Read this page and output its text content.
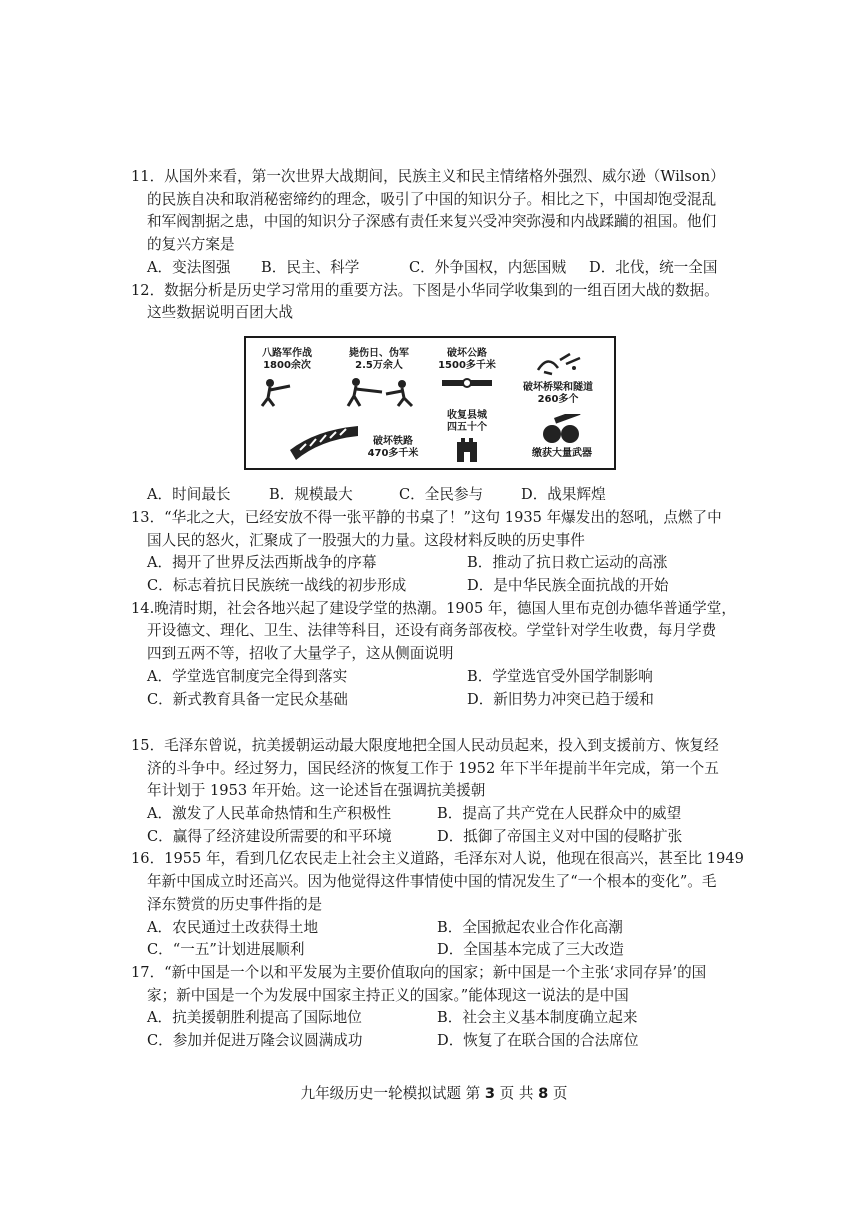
11．从国外来看，第一次世界大战期间，民族主义和民主情绪格外强烈、威尔逊（Wilson）

的民族自决和取消秘密缔约的理念，吸引了中国的知识分子。相比之下，中国却饱受混乱

和军阀割据之患，中国的知识分子深感有责任来复兴受冲突弥漫和内战蹂躏的祖国。他们

的复兴方案是

A．变法图强 B．民主、科学	C．外争国权，内惩国贼 D．北伐，统一全国

12．数据分析是历史学习常用的重要方法。下图是小华同学收集到的一组百团大战的数据。

这些数据说明百团大战

八路军作战
1800余次
毙伤日、伪军
2.5万余人
破坏公路
1500多千米
破坏桥梁和隧道
260多个
破坏铁路
470多千米
收复县城
四五十个
缴获大量武器
A．时间最长	B．规模最大	C．全民参与	D．战果辉煌

13．“华北之大，已经安放不得一张平静的书桌了！”这句 1935 年爆发出的怒吼，点燃了中

国人民的怒火，汇聚成了一股强大的力量。这段材料反映的历史事件

A．揭开了世界反法西斯战争的序幕	B．推动了抗日救亡运动的高涨
C．标志着抗日民族统一战线的初步形成	D．是中华民族全面抗战的开始

14.晚清时期，社会各地兴起了建设学堂的热潮。1905 年，德国人里布克创办德华普通学堂，

开设德文、理化、卫生、法律等科目，还设有商务部夜校。学堂针对学生收费，每月学费

四到五两不等，招收了大量学子，这从侧面说明

A．学堂选官制度完全得到落实	B．学堂选官受外国学制影响
C．新式教育具备一定民众基础	D．新旧势力冲突已趋于缓和

15．毛泽东曾说，抗美援朝运动最大限度地把全国人民动员起来，投入到支援前方、恢复经

济的斗争中。经过努力，国民经济的恢复工作于 1952 年下半年提前半年完成，第一个五

年计划于 1953 年开始。这一论述旨在强调抗美援朝

A．激发了人民革命热情和生产积极性	B．提高了共产党在人民群众中的威望
C．赢得了经济建设所需要的和平环境	D．抵御了帝国主义对中国的侵略扩张

16．1955 年，看到几亿农民走上社会主义道路，毛泽东对人说，他现在很高兴，甚至比 1949

年新中国成立时还高兴。因为他觉得这件事情使中国的情况发生了“一个根本的变化”。毛

泽东赞赏的历史事件指的是

A．农民通过土改获得土地	B．全国掀起农业合作化高潮
C．“一五”计划进展顺利	D．全国基本完成了三大改造

17．“新中国是一个以和平发展为主要价值取向的国家；新中国是一个主张‘求同存异’的国

家；新中国是一个为发展中国家主持正义的国家。”能体现这一说法的是中国

A．抗美援朝胜利提高了国际地位	B．社会主义基本制度确立起来
C．参加并促进万隆会议圆满成功	D．恢复了在联合国的合法席位
九年级历史一轮模拟试题 第 3 页 共 8 页
